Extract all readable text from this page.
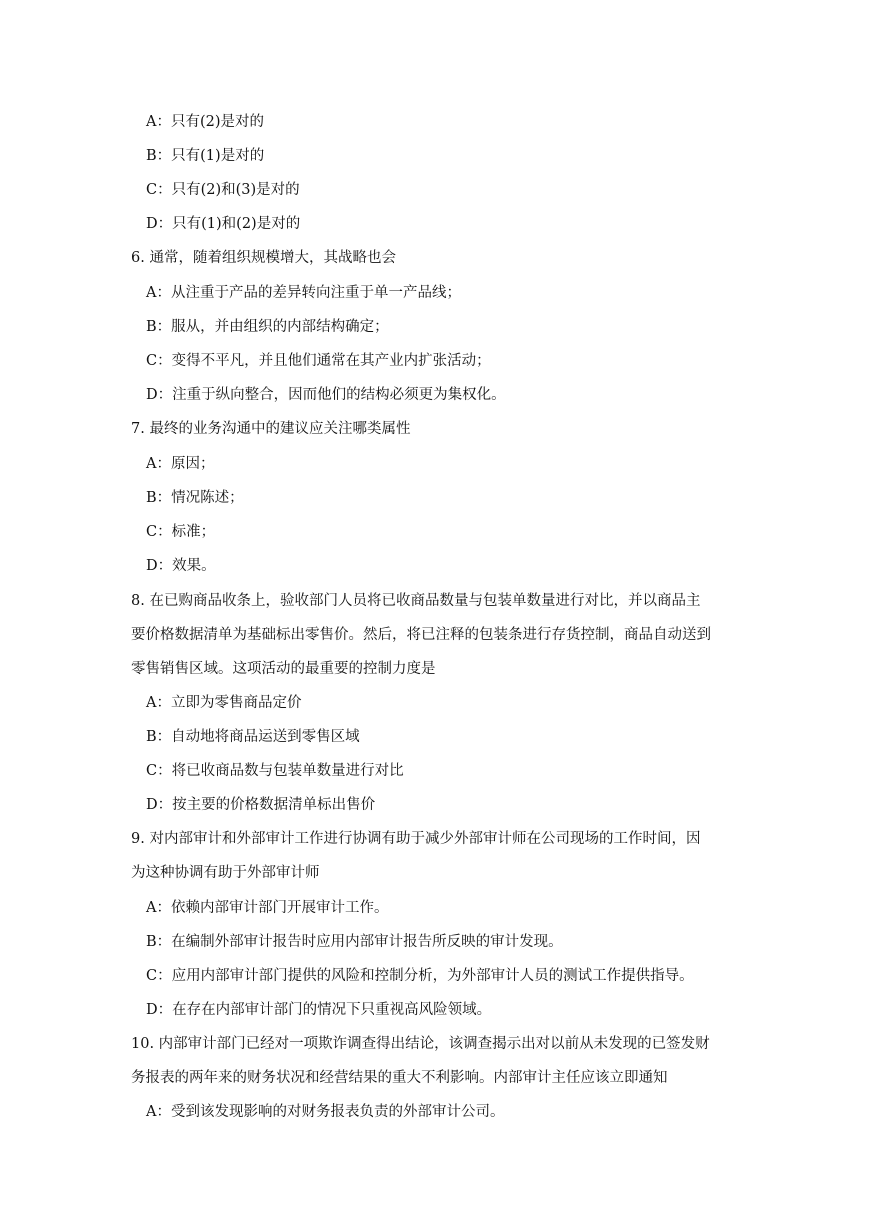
A：只有(2)是对的
B：只有(1)是对的
C：只有(2)和(3)是对的
D：只有(1)和(2)是对的
6. 通常，随着组织规模增大，其战略也会
A：从注重于产品的差异转向注重于单一产品线；
B：服从，并由组织的内部结构确定；
C：变得不平凡，并且他们通常在其产业内扩张活动；
D：注重于纵向整合，因而他们的结构必须更为集权化。
7. 最终的业务沟通中的建议应关注哪类属性
A：原因；
B：情况陈述；
C：标准；
D：效果。
8. 在已购商品收条上，验收部门人员将已收商品数量与包装单数量进行对比，并以商品主
要价格数据清单为基础标出零售价。然后，将已注释的包装条进行存货控制，商品自动送到
零售销售区域。这项活动的最重要的控制力度是
A：立即为零售商品定价
B：自动地将商品运送到零售区域
C：将已收商品数与包装单数量进行对比
D：按主要的价格数据清单标出售价
9. 对内部审计和外部审计工作进行协调有助于减少外部审计师在公司现场的工作时间，因
为这种协调有助于外部审计师
A：依赖内部审计部门开展审计工作。
B：在编制外部审计报告时应用内部审计报告所反映的审计发现。
C：应用内部审计部门提供的风险和控制分析，为外部审计人员的测试工作提供指导。
D：在存在内部审计部门的情况下只重视高风险领域。
10. 内部审计部门已经对一项欺诈调查得出结论，该调查揭示出对以前从未发现的已签发财
务报表的两年来的财务状况和经营结果的重大不利影响。内部审计主任应该立即通知
A：受到该发现影响的对财务报表负责的外部审计公司。
